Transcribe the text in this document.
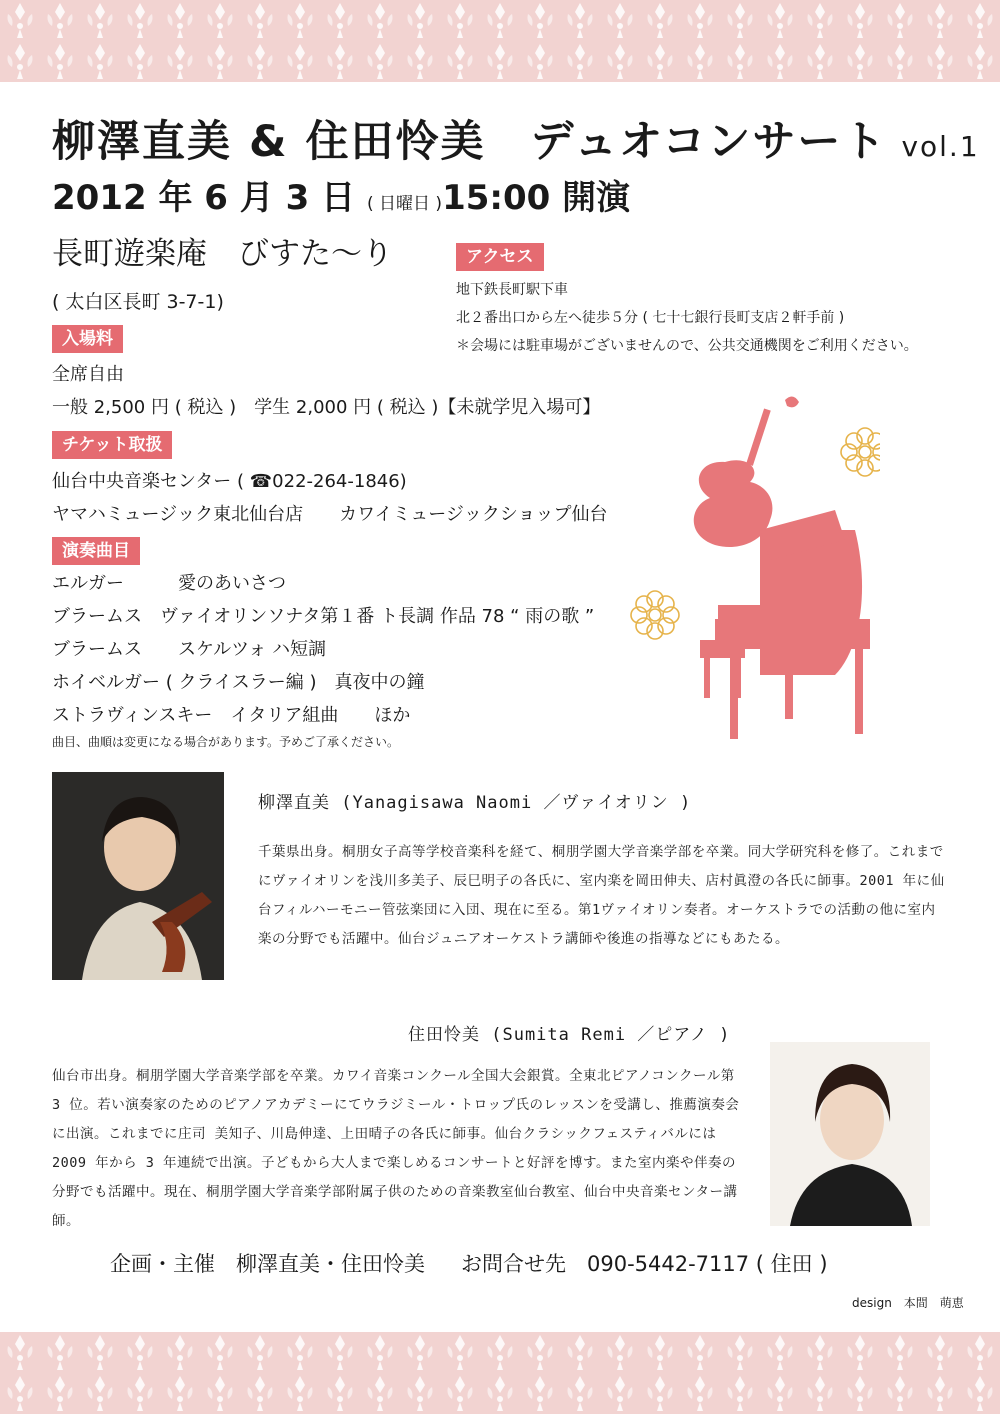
柳澤直美 & 住田怜美　デュオコンサート vol.1
2012 年 6 月 3 日 ( 日曜日 )15:00 開演
長町遊楽庵　びすた〜り
( 太白区長町 3-7-1)
アクセス
地下鉄長町駅下車
北２番出口から左へ徒歩５分 ( 七十七銀行長町支店２軒手前 )
＊会場には駐車場がございませんので、公共交通機関をご利用ください。
入場料
全席自由
一般 2,500 円 ( 税込 )　学生 2,000 円 ( 税込 )【未就学児入場可】
チケット取扱
仙台中央音楽センター ( ☎022-264-1846)
ヤマハミュージック東北仙台店　　カワイミュージックショップ仙台
演奏曲目
エルガー　　　愛のあいさつ
ブラームス　ヴァイオリンソナタ第１番 ト長調 作品 78 “ 雨の歌 ”
ブラームス　　スケルツォ ハ短調
ホイベルガー ( クライスラー編 )　真夜中の鐘
ストラヴィンスキー　イタリア組曲　　ほか
曲目、曲順は変更になる場合があります。予めご了承ください。
柳澤直美 (Yanagisawa Naomi ／ヴァイオリン )
千葉県出身。桐朋女子高等学校音楽科を経て、桐朋学園大学音楽学部を卒業。同大学研究科を修了。これまでにヴァイオリンを浅川多美子、辰巳明子の各氏に、室内楽を岡田伸夫、店村眞澄の各氏に師事。2001 年に仙台フィルハーモニー管弦楽団に入団、現在に至る。第1ヴァイオリン奏者。オーケストラでの活動の他に室内楽の分野でも活躍中。仙台ジュニアオーケストラ講師や後進の指導などにもあたる。
住田怜美 (Sumita Remi ／ピアノ )
仙台市出身。桐朋学園大学音楽学部を卒業。カワイ音楽コンクール全国大会銀賞。全東北ピアノコンクール第 3 位。若い演奏家のためのピアノアカデミーにてウラジミール・トロップ氏のレッスンを受講し、推薦演奏会に出演。これまでに庄司 美知子、川島伸達、上田晴子の各氏に師事。仙台クラシックフェスティバルには 2009 年から 3 年連続で出演。子どもから大人まで楽しめるコンサートと好評を博す。また室内楽や伴奏の分野でも活躍中。現在、桐朋学園大学音楽学部附属子供のための音楽教室仙台教室、仙台中央音楽センター講師。
企画・主催　柳澤直美・住田怜美 お問合せ先　090-5442-7117 ( 住田 )
design　本間　萌恵
